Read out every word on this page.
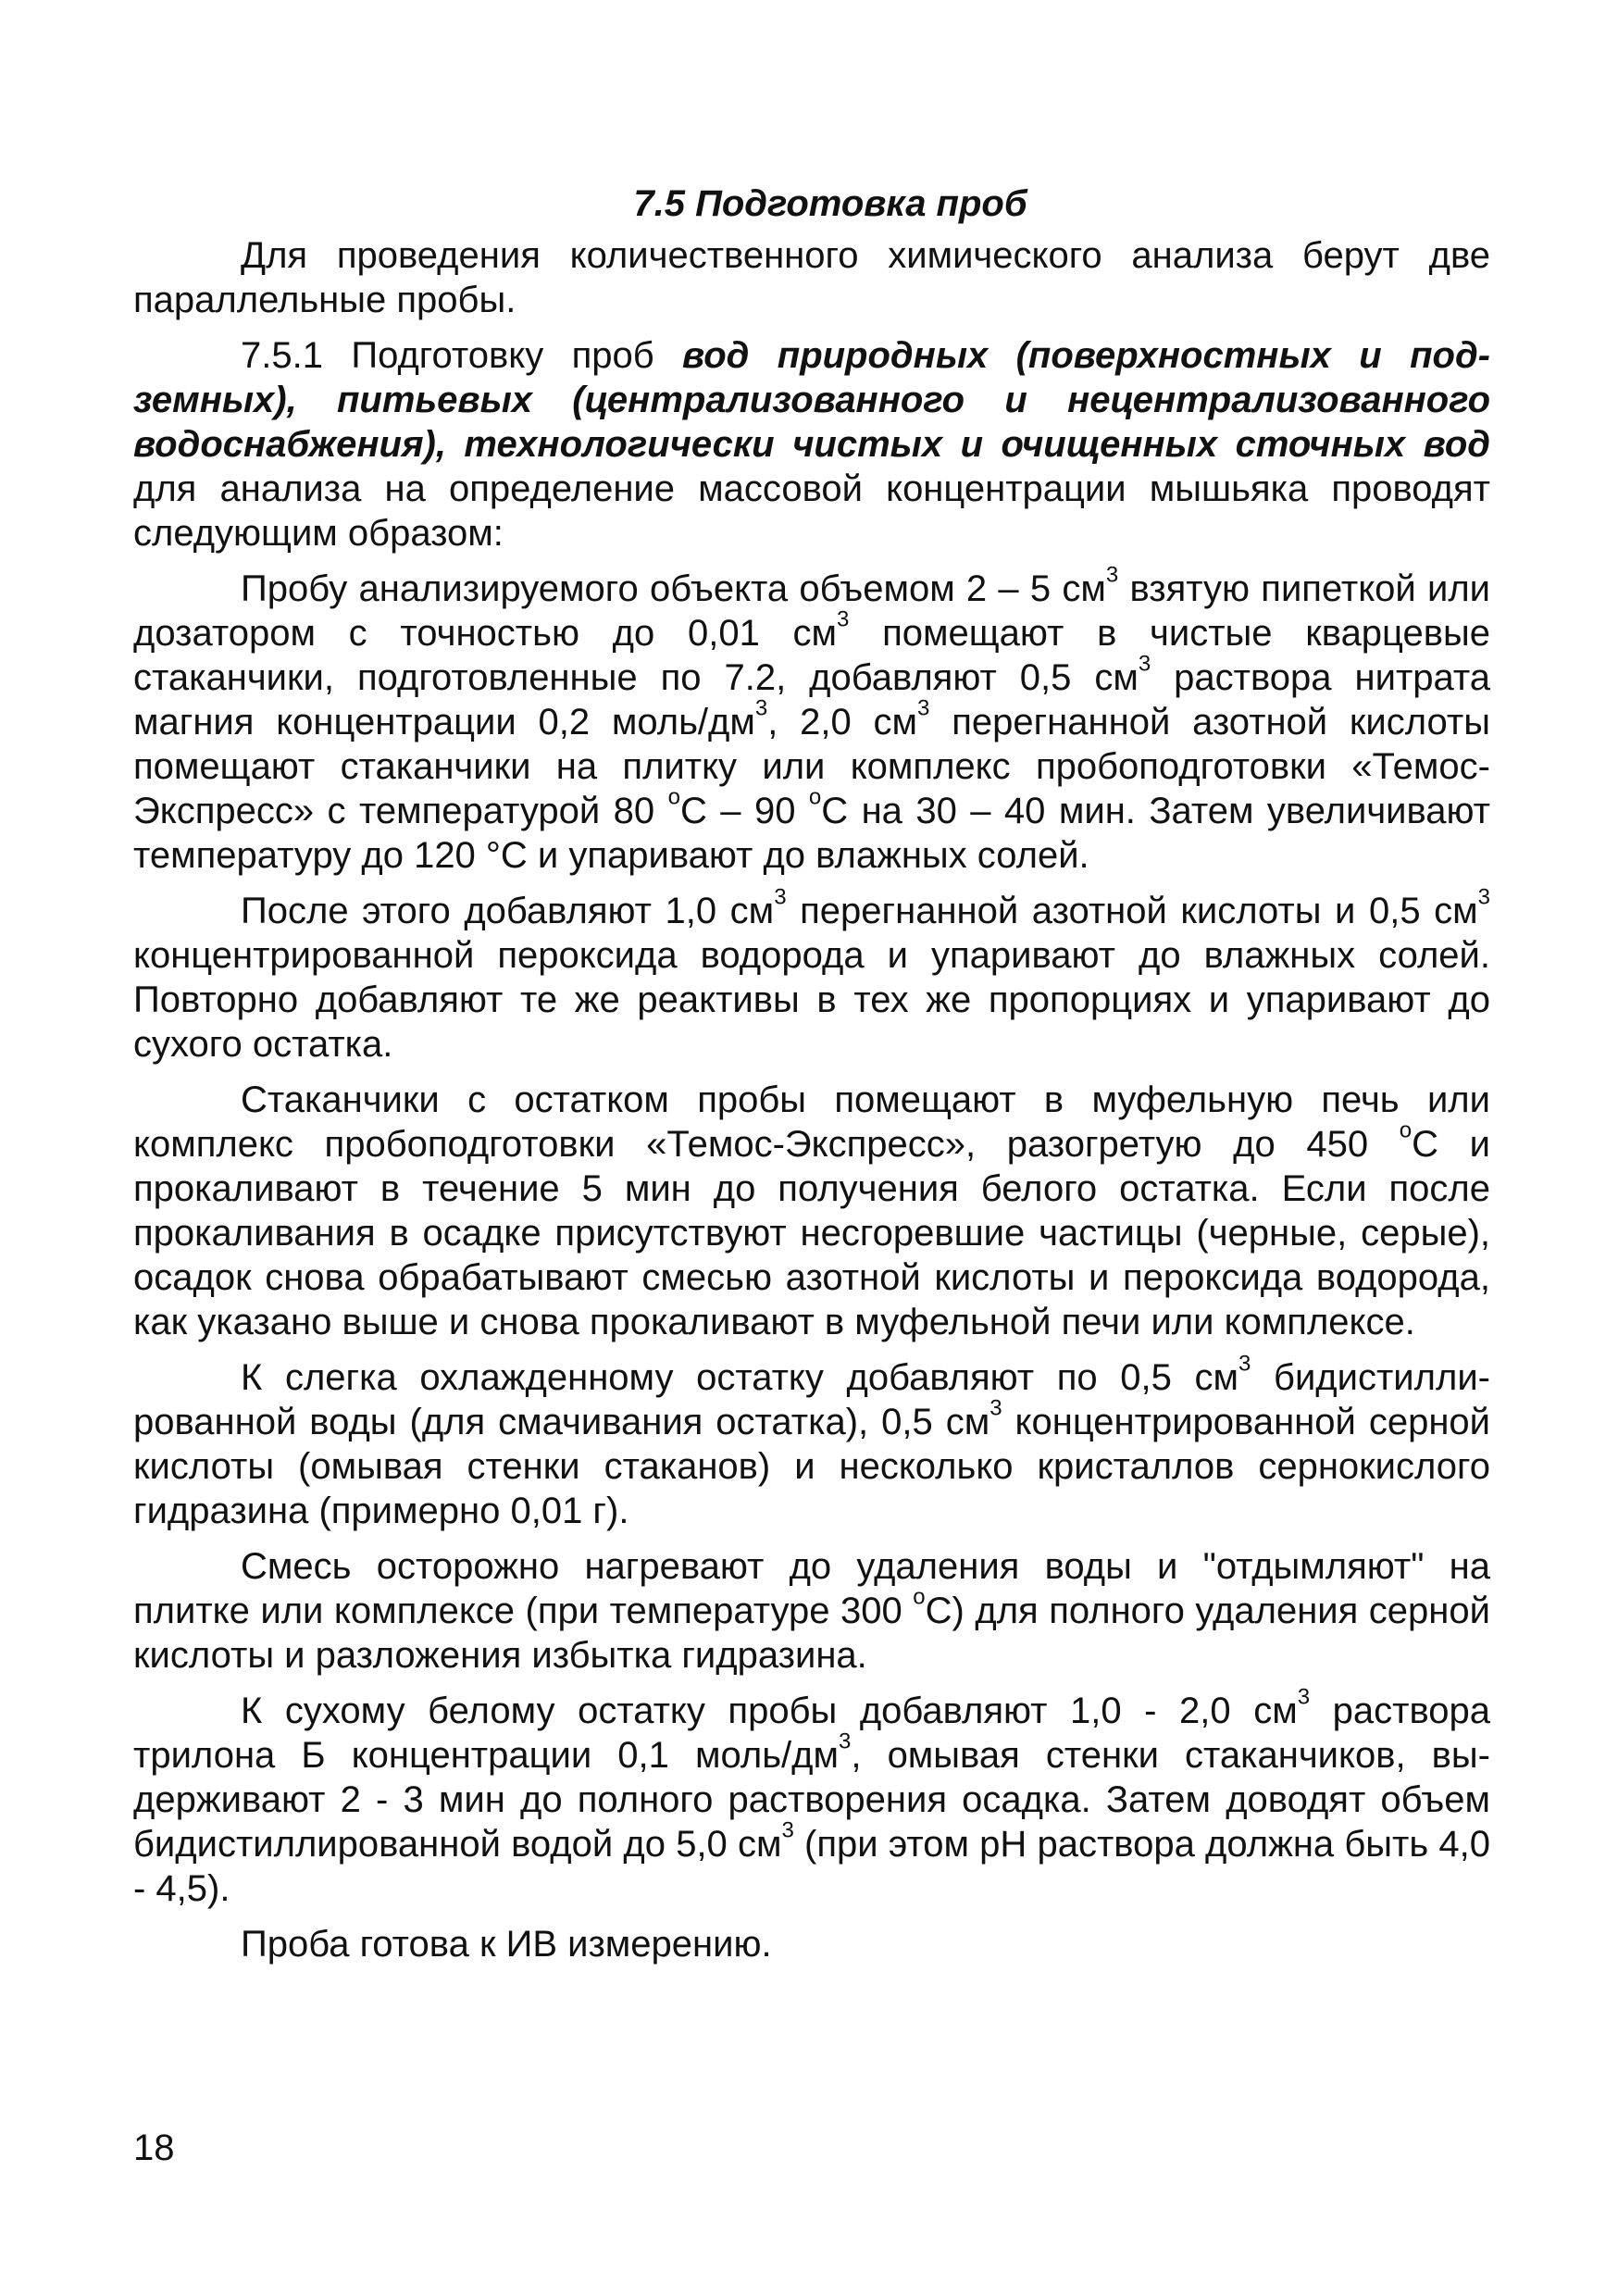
7.5 Подготовка проб

Для проведения количественного химического анализа берут две параллельные пробы.

7.5.1 Подготовку проб вод природных (поверхностных и подземных), питьевых (централизованного и нецентрализованного водоснабжения), технологически чистых и очищенных сточных вод для анализа на определение массовой концентрации мышьяка проводят следующим образом:

Пробу анализируемого объекта объемом 2 – 5 $см^3$ взятую пипеткой или дозатором с точностью до 0,01 $см^3$ помещают в чистые кварцевые стаканчики, подготовленные по 7.2, добавляют 0,5 $см^3$ раствора нитрата магния концентрации 0,2 моль/$дм^3$, 2,0 $см^3$ перегнанной азотной кислоты помещают стаканчики на плитку или комплекс пробоподготовки «ТемосЭкспресс» с температурой 80 $^o$С – 90 $^o$С на 30 – 40 мин. Затем увеличивают температуру до 120 °С и упаривают до влажных солей.

После этого добавляют 1,0 $см^3$ перегнанной азотной кислоты и 0,5 $см^3$ концентрированной пероксида водорода и упаривают до влажных солей. Повторно добавляют те же реактивы в тех же пропорциях и упаривают до сухого остатка.

Стаканчики с остатком пробы помещают в муфельную печь или комплекс пробоподготовки «Темос-Экспресс», разогретую до 450 $^o$С и прокаливают в течение 5 мин до получения белого остатка. Если после прокаливания в осадке присутствуют несгоревшие частицы (черные, серые), осадок снова обрабатывают смесью азотной кислоты и пероксида водорода, как указано выше и снова прокаливают в муфельной печи или комплексе.

К слегка охлажденному остатку добавляют по 0,5 $см^3$ бидистиллированной воды (для смачивания остатка), 0,5 $см^3$ концентрированной серной кислоты (омывая стенки стаканов) и несколько кристаллов сернокислого гидразина (примерно 0,01 г).

Смесь осторожно нагревают до удаления воды и "отдымляют" на плитке или комплексе (при температуре 300 $^o$С) для полного удаления серной кислоты и разложения избытка гидразина.

К сухому белому остатку пробы добавляют 1,0 - 2,0 $см^3$ раствора трилона Б концентрации 0,1 моль/$дм^3$, омывая стенки стаканчиков, выдерживают 2 - 3 мин до полного растворения осадка. Затем доводят объем бидистиллированной водой до 5,0 $см^3$ (при этом рН раствора должна быть 4,0 - 4,5).

Проба готова к ИВ измерению.

18
